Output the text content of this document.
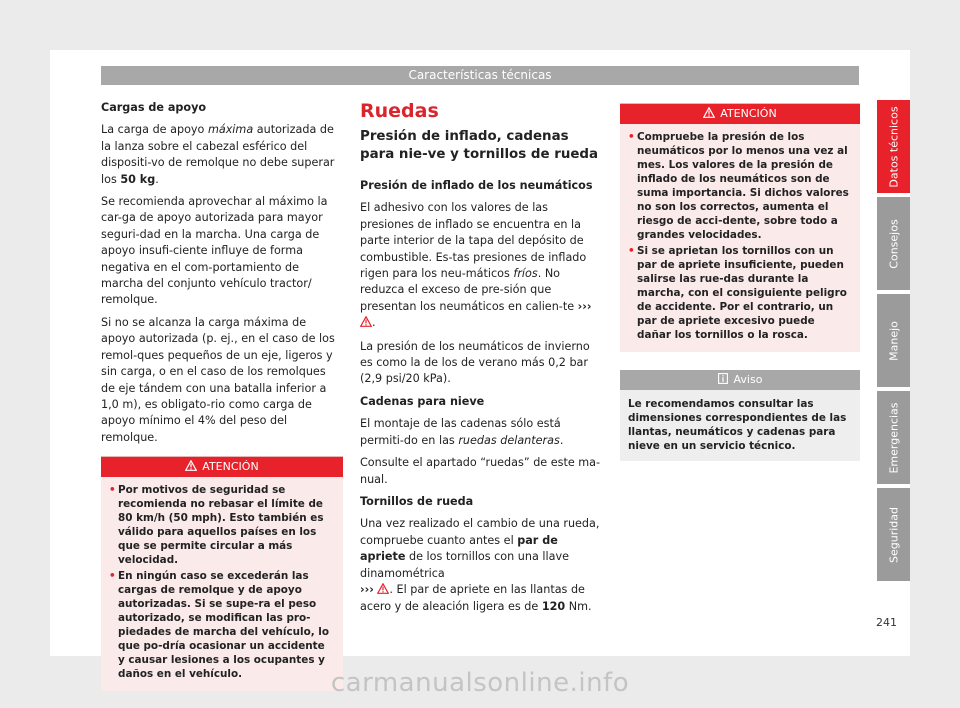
Características técnicas

Cargas de apoyo

La carga de apoyo máxima autorizada de la lanza sobre el cabezal esférico del dispositi-vo de remolque no debe superar los 50 kg.

Se recomienda aprovechar al máximo la car-ga de apoyo autorizada para mayor seguri-dad en la marcha. Una carga de apoyo insufi-ciente influye de forma negativa en el com-portamiento de marcha del conjunto vehículo tractor/ remolque.

Si no se alcanza la carga máxima de apoyo autorizada (p. ej., en el caso de los remol-ques pequeños de un eje, ligeros y sin carga, o en el caso de los remolques de eje tándem con una batalla inferior a 1,0 m), es obligato-rio como carga de apoyo mínimo el 4% del peso del remolque.

ATENCIÓN
• Por motivos de seguridad se recomienda no rebasar el límite de 80 km/h (50 mph). Esto también es válido para aquellos países en los que se permite circular a más velocidad.
• En ningún caso se excederán las cargas de remolque y de apoyo autorizadas. Si se supe-ra el peso autorizado, se modifican las pro-piedades de marcha del vehículo, lo que po-dría ocasionar un accidente y causar lesiones a los ocupantes y daños en el vehículo.
Ruedas
Presión de inflado, cadenas para nie-ve y tornillos de rueda

Presión de inflado de los neumáticos

El adhesivo con los valores de las presiones de inflado se encuentra en la parte interior de la tapa del depósito de combustible. Es-tas presiones de inflado rigen para los neu-máticos fríos. No reduzca el exceso de pre-sión que presentan los neumáticos en calien-te ››› .

La presión de los neumáticos de invierno es como la de los de verano más 0,2 bar (2,9 psi/20 kPa).

Cadenas para nieve

El montaje de las cadenas sólo está permiti-do en las ruedas delanteras.

Consulte el apartado “ruedas” de este ma-nual.

Tornillos de rueda

Una vez realizado el cambio de una rueda, compruebe cuanto antes el par de apriete de los tornillos con una llave dinamométrica
››› . El par de apriete en las llantas de acero y de aleación ligera es de 120 Nm.

ATENCIÓN
• Compruebe la presión de los neumáticos por lo menos una vez al mes. Los valores de la presión de inflado de los neumáticos son de suma importancia. Si dichos valores no son los correctos, aumenta el riesgo de acci-dente, sobre todo a grandes velocidades.
• Si se aprietan los tornillos con un par de apriete insuficiente, pueden salirse las rue-das durante la marcha, con el consiguiente peligro de accidente. Por el contrario, un par de apriete excesivo puede dañar los tornillos o la rosca.
Aviso
Le recomendamos consultar las dimensiones correspondientes de las llantas, neumáticos y cadenas para nieve en un servicio técnico.
Datos técnicos
Consejos
Manejo
Emergencias
Seguridad
241
carmanualsonline.info
